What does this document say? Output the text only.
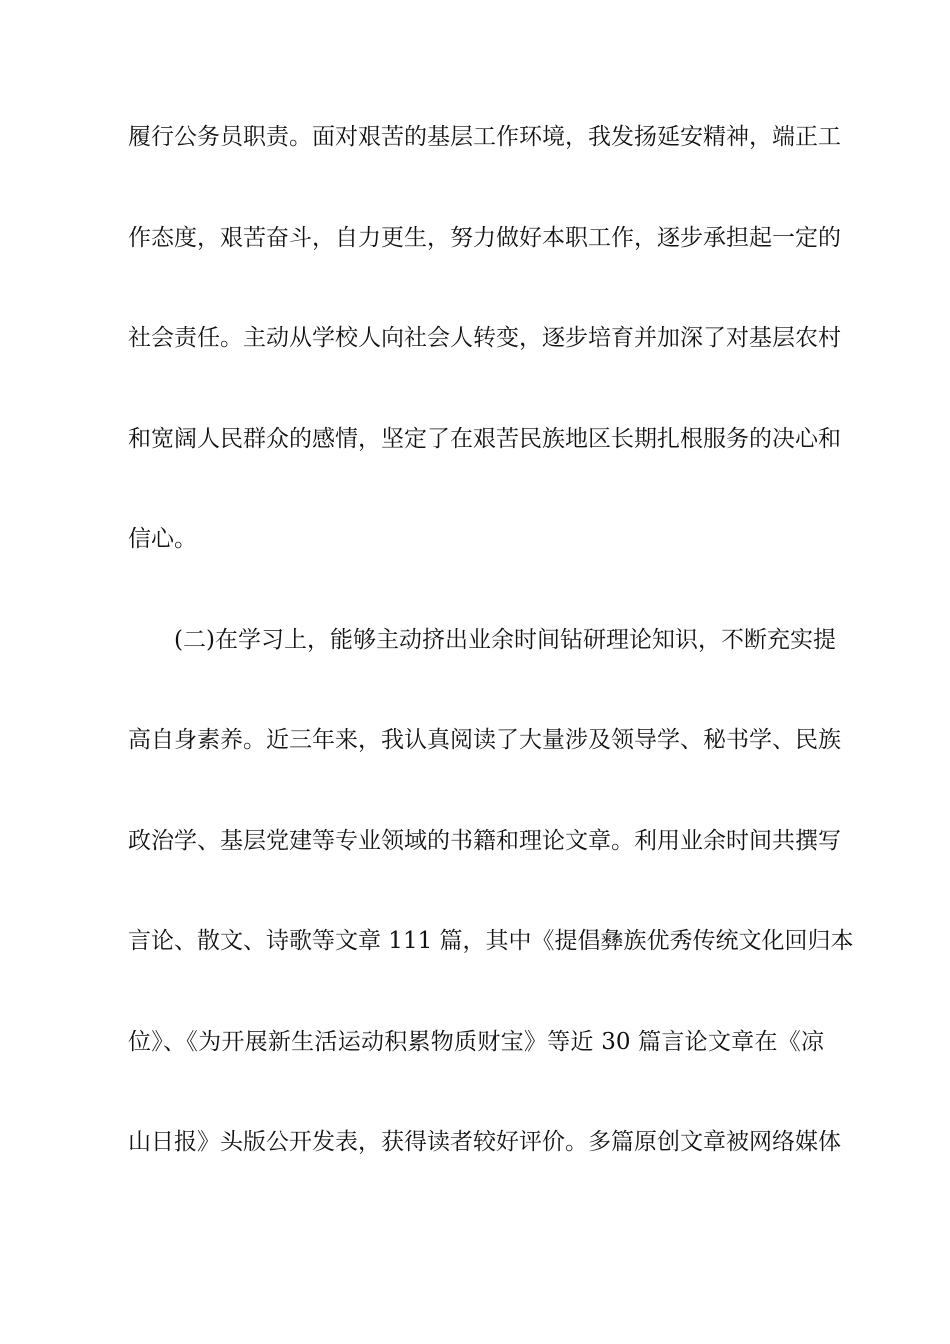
履行公务员职责。面对艰苦的基层工作环境，我发扬延安精神，端正工
作态度，艰苦奋斗，自力更生，努力做好本职工作，逐步承担起一定的
社会责任。主动从学校人向社会人转变，逐步培育并加深了对基层农村
和宽阔人民群众的感情，坚定了在艰苦民族地区长期扎根服务的决心和
信心。
(二)在学习上，能够主动挤出业余时间钻研理论知识，不断充实提
高自身素养。近三年来，我认真阅读了大量涉及领导学、秘书学、民族
政治学、基层党建等专业领域的书籍和理论文章。利用业余时间共撰写
言论、散文、诗歌等文章 111 篇，其中《提倡彝族优秀传统文化回归本
位》、《为开展新生活运动积累物质财宝》等近 30 篇言论文章在《凉
山日报》头版公开发表，获得读者较好评价。多篇原创文章被网络媒体
